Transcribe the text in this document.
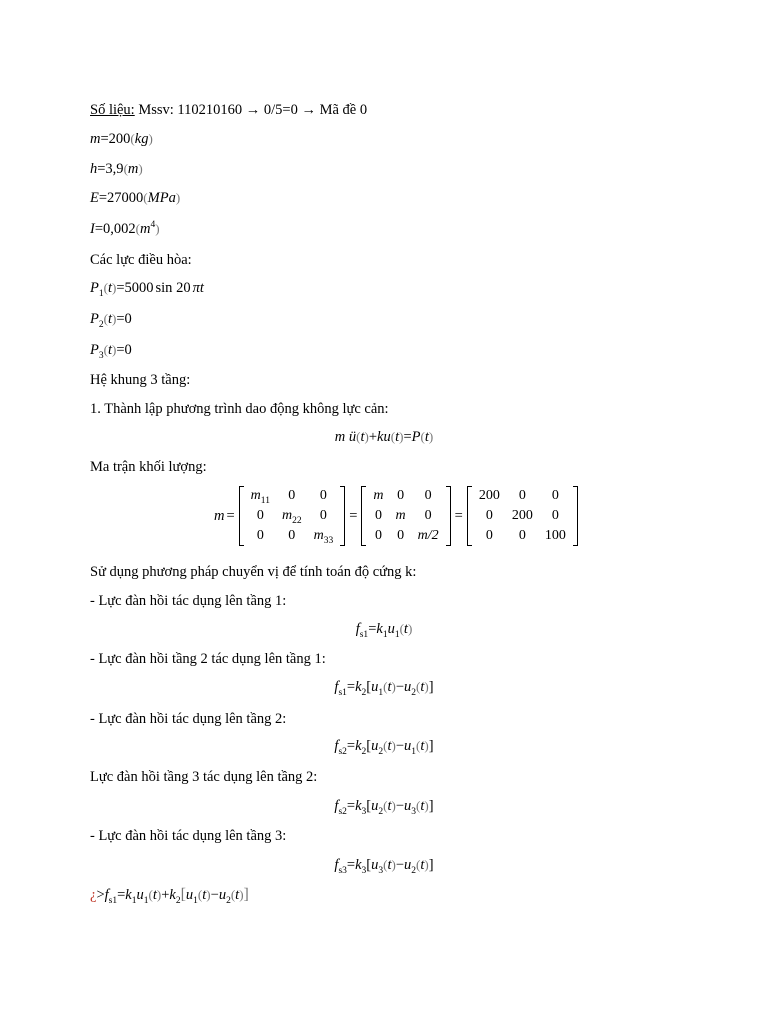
Số liệu: Mssv: 110210160 → 0/5=0 → Mã đề 0
m=200(kg)
h=3,9(m)
E=27000(MPa)
$I=0,002(m^4)$
Các lực điều hòa:
$P_1(t)=5000$ sin 20 πt
$P_2(t)=0$
$P_3(t)=0$
Hệ khung 3 tầng:
1. Thành lập phương trình dao động không lực cản:
m ü(t)+ku(t)=P(t)
Ma trận khối lượng:
m =
$m_{11}$	0	0
0	$m_{22}$	0
0	0	$m_{33}$
=
m	0	0
0	m	0
0	0	m/2
=
200	0	0
0	200	0
0	0	100
Sử dụng phương pháp chuyển vị để tính toán độ cứng k:
- Lực đàn hồi tác dụng lên tầng 1:
$f_{s1}=k_1u_1(t)$
- Lực đàn hồi tầng 2 tác dụng lên tầng 1:
$f_{s1}=k_2[u_1(t)-u_2(t)]$
- Lực đàn hồi tác dụng lên tầng 2:
$f_{s2}=k_2[u_2(t)-u_1(t)]$
Lực đàn hồi tầng 3 tác dụng lên tầng 2:
$f_{s2}=k_3[u_2(t)-u_3(t)]$
- Lực đàn hồi tác dụng lên tầng 3:
$f_{s3}=k_3[u_3(t)-u_2(t)]$
¿$>f_{s1}=k_1u_1(t)+k_2[u_1(t)-u_2(t)]$
